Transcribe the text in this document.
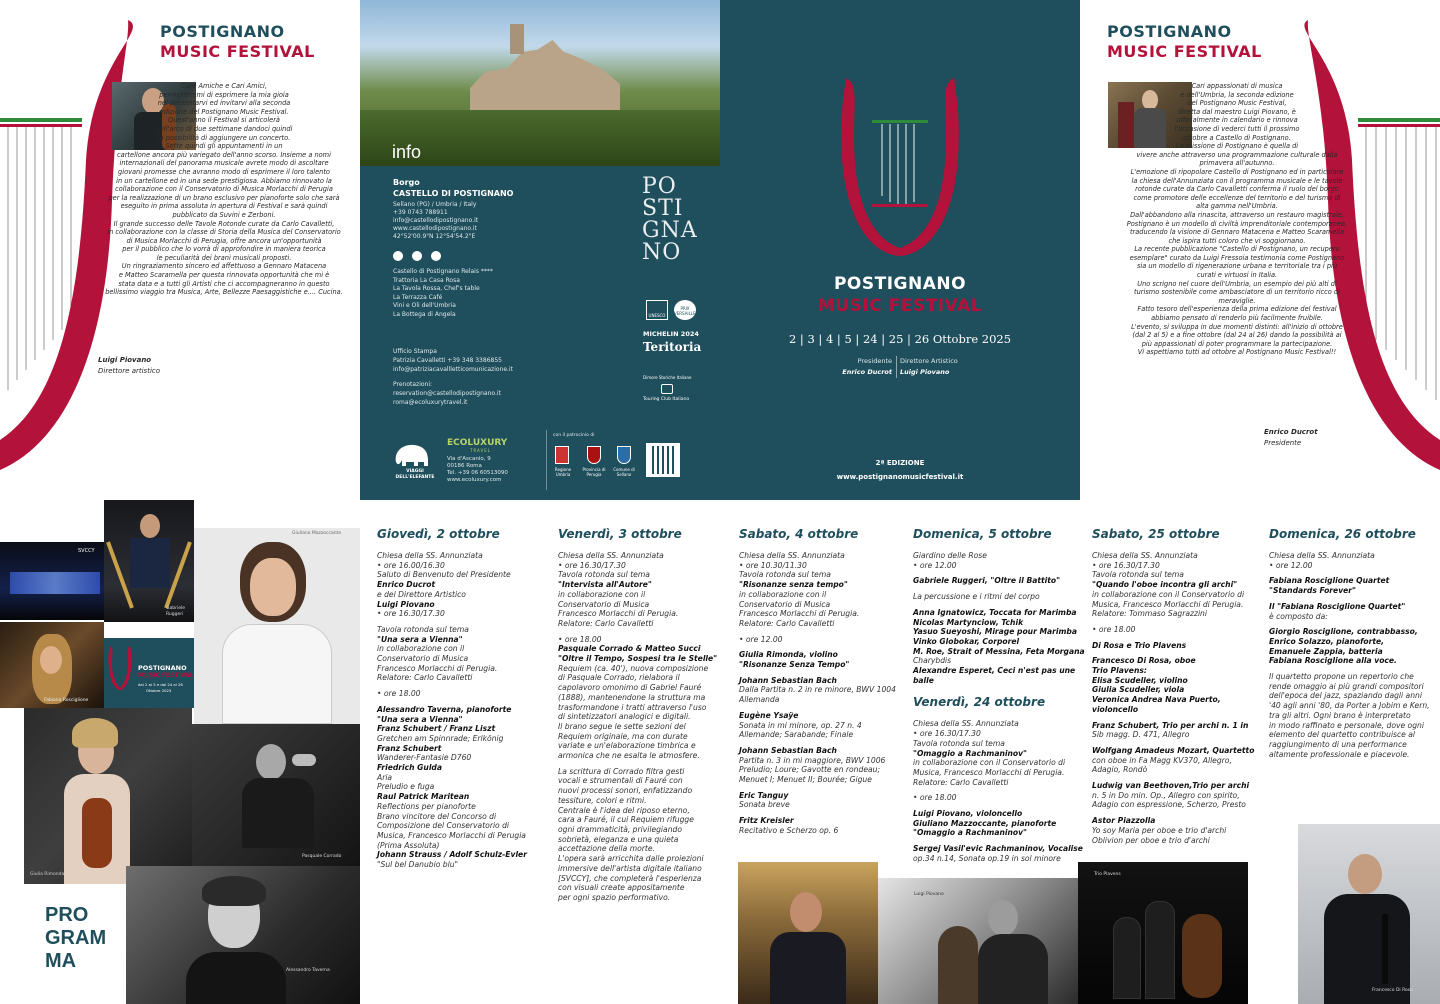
POSTIGNANO
MUSIC FESTIVAL
Care Amiche e Cari Amici,
permettetemi di esprimere la mia gioia
nel presentarvi ed invitarvi alla seconda
edizione del Postignano Music Festival.
Quest'anno il Festival si articolerà
nell'arco di due settimane dandoci quindi
la possibilità di aggiungere un concerto.
Sette quindi gli appuntamenti in un
cartellone ancora più variegato dell'anno scorso. Insieme a nomi
internazionali del panorama musicale avrete modo di ascoltare
giovani promesse che avranno modo di esprimere il loro talento
in un cartellone ed in una sede prestigiosa. Abbiamo rinnovato la
collaborazione con il Conservatorio di Musica Morlacchi di Perugia
per la realizzazione di un brano esclusivo per pianoforte solo che sarà
eseguito in prima assoluta in apertura di Festival e sarà quindi
pubblicato da Suvini e Zerboni.
Il grande successo delle Tavole Rotonde curate da Carlo Cavalletti,
in collaborazione con la classe di Storia della Musica del Conservatorio
di Musica Morlacchi di Perugia, offre ancora un'opportunità
per il pubblico che lo vorrà di approfondire in maniera teorica
le peculiarità dei brani musicali proposti.
Un ringraziamento sincero ed affettuoso a Gennaro Matacena
e Matteo Scaramella per questa rinnovata opportunità che mi è
stata data e a tutti gli Artisti che ci accompagneranno in questo
bellissimo viaggio tra Musica, Arte, Bellezze Paesaggistiche e.... Cucina.
Luigi Piovano
Direttore artistico
info
Borgo
CASTELLO DI POSTIGNANO
Sellano (PG) / Umbria / Italy
+39 0743 788911
info@castellodipostignano.it
www.castellodipostignano.it
42°52'00.9"N 12°54'54.2"E

Castello di Postignano Relais ****
Trattoria La Casa Rosa
La Tavola Rossa, Chef's table
La Terrazza Café
Vini e Oli dell'Umbria
La Bottega di Angela
Ufficio Stampa
Patrizia Cavalletti +39 348 3386855
info@patriziacavallletticomunicazione.it
Prenotazioni:
reservation@castellodipostignano.it
roma@ecoluxurytravel.it
PO
STI
GNA
NO
UNESCO
PRIX VERSAILLES
MICHELIN 2024
Teritoria
Dimore Storiche Italiane
Touring Club Italiano
VIAGGI DELL'ELEFANTE
ECOLUXURY
TRAVEL
Via d'Ascanio, 9
00186 Roma
Tel. +39 06 60513090
www.ecoluxury.com
con il patrocinio di
Regione Umbria
Provincia di Perugia
Comune di Sellano
POSTIGNANO
MUSIC FESTIVAL
2 | 3 | 4 | 5 | 24 | 25 | 26 Ottobre 2025
Presidente
Enrico Ducrot
Direttore Artistico
Luigi Piovano
2ª EDIZIONE
www.postignanomusicfestival.it
POSTIGNANO
MUSIC FESTIVAL
Cari appassionati di musica
e dell'Umbria, la seconda edizione
del Postignano Music Festival,
diretta dal maestro Luigi Piovano, è
ufficialmente in calendario e rinnova
l'occasione di vederci tutti il prossimo
ottobre a Castello di Postignano.
La missione di Postignano è quella di
vivere anche attraverso una programmazione culturale dalla
primavera all'autunno.
L'emozione di ripopolare Castello di Postignano ed in particolare
la chiesa dell'Annunziata con il programma musicale e le tavole
rotonde curate da Carlo Cavalletti conferma il ruolo del borgo
come promotore delle eccellenze del territorio e del turismo di
alta gamma nell'Umbria.
Dall'abbandono alla rinascita, attraverso un restauro magistrale,
Postignano è un modello di civiltà imprenditoriale contemporanea,
traducendo la visione di Gennaro Matacena e Matteo Scaramella
che ispira tutti coloro che vi soggiornano.
La recente pubblicazione "Castello di Postignano, un recupero
esemplare" curato da Luigi Fressoia testimonia come Postignano
sia un modello di rigenerazione urbana e territoriale tra i più
curati e virtuosi in Italia.
Uno scrigno nel cuore dell'Umbria, un esempio dei più alti di
turismo sostenibile come ambasciatore di un territorio ricco di
meraviglie.
Fatto tesoro dell'esperienza della prima edizione del festival
abbiamo pensato di renderlo più facilmente fruibile.
L'evento, si sviluppa in due momenti distinti: all'inizio di ottobre
(dal 2 al 5) e a fine ottobre (dal 24 al 26) dando la possibilità ai
più appassionati di poter programmare la partecipazione.
Vi aspettiamo tutti ad ottobre al Postignano Music Festival!!
Enrico Ducrot
Presidente
SVCCY
Gabriele Ruggeri
Giuliano Mazzoccante
Fabiana Rosciglione
POSTIGNANO
MUSIC FESTIVAL
dal 2 al 5 e dal 24 al 26
Ottobre 2025
Giulia Rimonda
Pasquale Corrado
PRO
GRAM
MA	Alessandro Taverna
Giovedì, 2 ottobre

Chiesa della SS. Annunziata

• ore 16.00/16.30

Saluto di Benvenuto del Presidente

Enrico Ducrot

e del Direttore Artistico

Luigi Piovano

• ore 16.30/17.30

Tavola rotonda sul tema

"Una sera a Vienna"

in collaborazione con il

Conservatorio di Musica

Francesco Morlacchi di Perugia.

Relatore: Carlo Cavalletti

• ore 18.00

Alessandro Taverna, pianoforte

"Una sera a Vienna"

Franz Schubert / Franz Liszt

Gretchen am Spinnrade; Erlkönig

Franz Schubert

Wanderer-Fantasie D760

Friedrich Gulda

Aria

Preludio e fuga

Raul Patrick Maritean

Reflections per pianoforte

Brano vincitore del Concorso di

Composizione del Conservatorio di

Musica, Francesco Morlacchi di Perugia

(Prima Assoluta)

Johann Strauss / Adolf Schulz-Evler

"Sul bel Danubio blu"

Venerdì, 3 ottobre

Chiesa della SS. Annunziata

• ore 16.30/17.30

Tavola rotonda sul tema

"Intervista all'Autore"

in collaborazione con il

Conservatorio di Musica

Francesco Morlacchi di Perugia.

Relatore: Carlo Cavalletti

• ore 18.00

Pasquale Corrado & Matteo Succi

"Oltre il Tempo, Sospesi tra le Stelle"

Requiem (ca. 40'), nuova composizione

di Pasquale Corrado, rielabora il

capolavoro omonimo di Gabriel Fauré

(1888), mantenendone la struttura ma

trasformandone i tratti attraverso l'uso

di sintetizzatori analogici e digitali.

Il brano segue le sette sezioni del

Requiem originale, ma con durate

variate e un'elaborazione timbrica e

armonica che ne esalta le atmosfere.

La scrittura di Corrado filtra gesti

vocali e strumentali di Fauré con

nuovi processi sonori, enfatizzando

tessiture, colori e ritmi.

Centrale è l'idea del riposo eterno,

cara a Fauré, il cui Requiem rifugge

ogni drammaticità, privilegiando

sobrietà, eleganza e una quieta

accettazione della morte.

L'opera sarà arricchita dalle proiezioni

immersive dell'artista digitale italiano

[SVCCY], che completerà l'esperienza

con visuali create appositamente

per ogni spazio performativo.

Sabato, 4 ottobre

Chiesa della SS. Annunziata

• ore 10.30/11.30

Tavola rotonda sul tema

"Risonanze senza tempo"

in collaborazione con il

Conservatorio di Musica

Francesco Morlacchi di Perugia.

Relatore: Carlo Cavalletti

• ore 12.00

Giulia Rimonda, violino

"Risonanze Senza Tempo"

Johann Sebastian Bach

Dalla Partita n. 2 in re minore, BWV 1004

Allemanda

Eugène Ysaÿe

Sonata in mi minore, op. 27 n. 4

Allemande; Sarabande; Finale

Johann Sebastian Bach

Partita n. 3 in mi maggiore, BWV 1006

Preludio; Loure; Gavotte en rondeau;

Menuet I; Menuet II; Bourée; Gigue

Eric Tanguy

Sonata breve

Fritz Kreisler

Recitativo e Scherzo op. 6

Domenica, 5 ottobre

Giardino delle Rose

• ore 12.00

Gabriele Ruggeri, "Oltre il Battito"

La percussione e i ritmi del corpo

Anna Ignatowicz, Toccata for Marimba

Nicolas Martynciow, Tchik

Yasuo Sueyoshi, Mirage pour Marimba

Vinko Globokar, Corporel

M. Roe, Strait of Messina, Feta Morgana

Charybdis

Alexandre Esperet, Ceci n'est pas une balle

Venerdì, 24 ottobre

Chiesa della SS. Annunziata

• ore 16.30/17.30

Tavola rotonda sul tema

"Omaggio a Rachmaninov"

in collaborazione con il Conservatorio di

Musica, Francesco Morlacchi di Perugia.

Relatore: Carlo Cavalletti

• ore 18.00

Luigi Piovano, violoncello

Giuliano Mazzoccante, pianoforte

"Omaggio a Rachmaninov"

Sergej Vasil'evic Rachmaninov, Vocalise

op.34 n.14, Sonata op.19 in sol minore

Sabato, 25 ottobre

Chiesa della SS. Annunziata

• ore 16.30/17.30

Tavola rotonda sul tema

"Quando l'oboe incontra gli archi"

in collaborazione con il Conservatorio di

Musica, Francesco Morlacchi di Perugia.

Relatore: Tommaso Sagrazzini

• ore 18.00

Di Rosa e Trio Plavens

Francesco Di Rosa, oboe

Trio Plavens:

Elisa Scudeller, violino

Giulia Scudeller, viola

Veronica Andrea Nava Puerto, violoncello

Franz Schubert, Trio per archi n. 1 in

Sib magg. D. 471, Allegro

Wolfgang Amadeus Mozart, Quartetto

con oboe in Fa Magg KV370, Allegro,

Adagio, Rondò

Ludwig van Beethoven,Trio per archi

n. 5 in Do min. Op., Allegro con spirito,

Adagio con espressione, Scherzo, Presto

Astor Piazzolla

Yo soy Maria per oboe e trio d'archi

Oblivion per oboe e trio d'archi

Domenica, 26 ottobre

Chiesa della SS. Annunziata

• ore 12.00

Fabiana Rosciglione Quartet

"Standards Forever"

Il "Fabiana Rosciglione Quartet"

è composto da:

Giorgio Rosciglione, contrabbasso,

Enrico Solazzo, pianoforte,

Emanuele Zappia, batteria

Fabiana Rosciglione alla voce.

Il quartetto propone un repertorio che

rende omaggio ai più grandi compositori

dell'epoca del jazz, spaziando dagli anni

'40 agli anni '80, da Porter a Jobim e Kern,

tra gli altri. Ogni brano è interpretato

in modo raffinato e personale, dove ogni

elemento del quartetto contribuisce al

raggiungimento di una performance

altamente professionale e piacevole.

Luigi Piovano
Trio Plavens
Francesco Di Rosa
